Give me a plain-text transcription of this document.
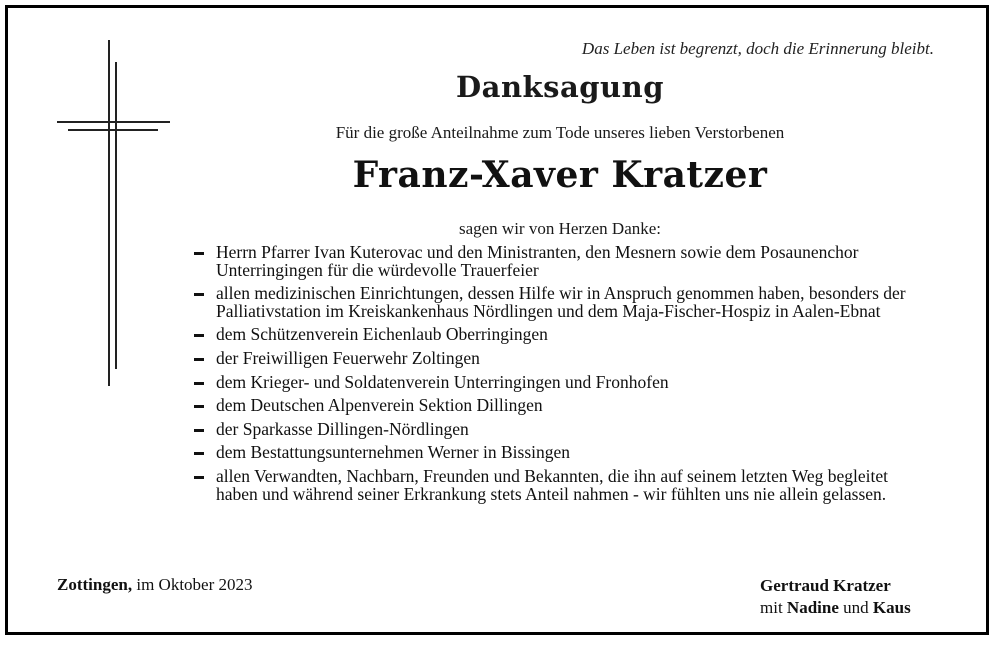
Das Leben ist begrenzt, doch die Erinnerung bleibt.
Danksagung
Für die große Anteilnahme zum Tode unseres lieben Verstorbenen
Franz-Xaver Kratzer
sagen wir von Herzen Danke:
Herrn Pfarrer Ivan Kuterovac und den Ministranten, den Mesnern sowie dem Posaunenchor Unterringingen für die würdevolle Trauerfeier
allen medizinischen Einrichtungen, dessen Hilfe wir in Anspruch genommen haben, besonders der Palliativstation im Kreiskankenhaus Nördlingen und dem Maja-Fischer-Hospiz in Aalen-Ebnat
dem Schützenverein Eichenlaub Oberringingen
der Freiwilligen Feuerwehr Zoltingen
dem Krieger- und Soldatenverein Unterringingen und Fronhofen
dem Deutschen Alpenverein Sektion Dillingen
der Sparkasse Dillingen-Nördlingen
dem Bestattungsunternehmen Werner in Bissingen
allen Verwandten, Nachbarn, Freunden und Bekannten, die ihn auf seinem letzten Weg begleitet haben und während seiner Erkrankung stets Anteil nahmen - wir fühlten uns nie allein gelassen.
Zottingen, im Oktober 2023	Gertraud Kratzer
mit Nadine und Kaus
